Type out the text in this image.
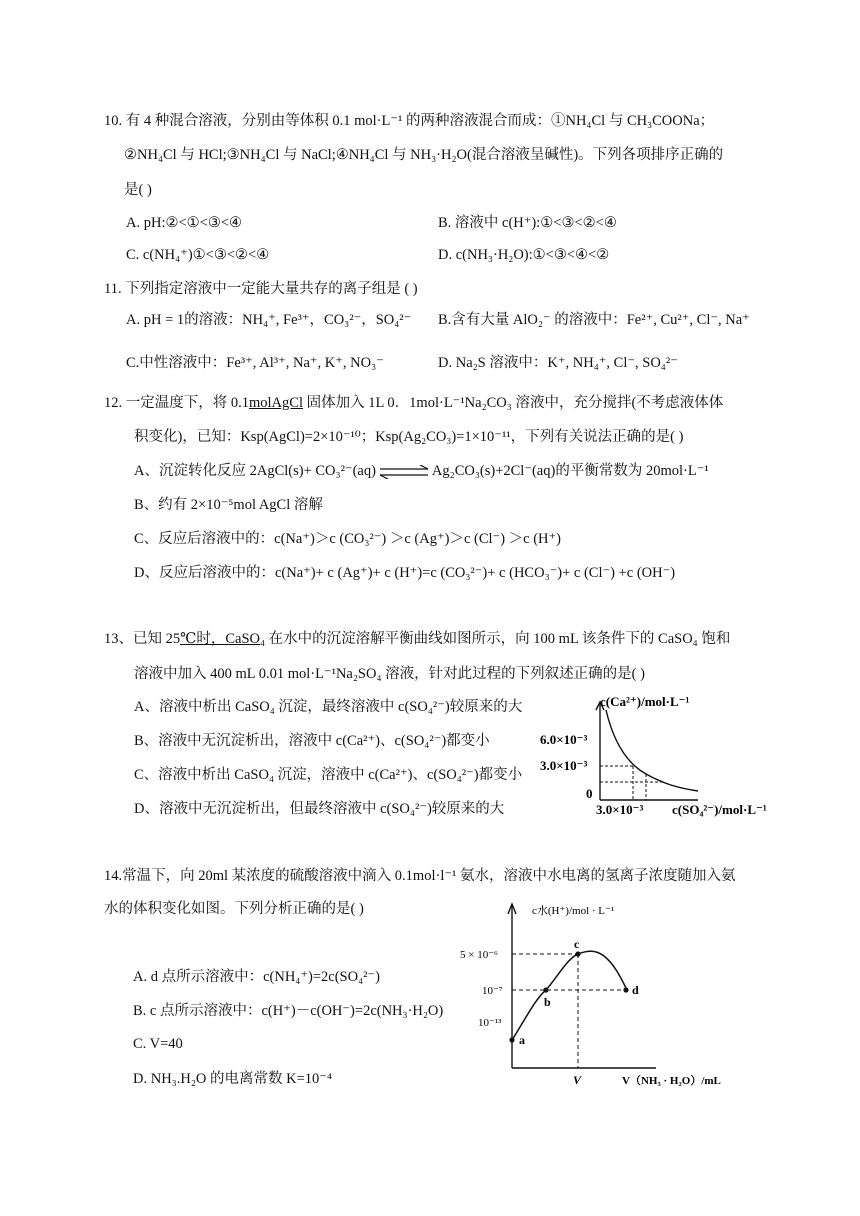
10. 有 4 种混合溶液，分别由等体积 0.1 mol·L⁻¹ 的两种溶液混合而成：①NH₄Cl 与 CH₃COONa；
②NH₄Cl 与 HCl;③NH₄Cl 与 NaCl;④NH₄Cl 与 NH₃·H₂O(混合溶液呈碱性)。下列各项排序正确的
是( )
A. pH:②<①<③<④	B. 溶液中 c(H⁺):①<③<②<④
C. c(NH₄⁺)①<③<②<④	D. c(NH₃·H₂O):①<③<④<②
11. 下列指定溶液中一定能大量共存的离子组是 ( )
A. pH = 1的溶液：NH₄⁺, Fe³⁺，CO₃²⁻，SO₄²⁻ B.含有大量 AlO₂⁻ 的溶液中：Fe²⁺, Cu²⁺, Cl⁻, Na⁺
C.中性溶液中：Fe³⁺, Al³⁺, Na⁺, K⁺, NO₃⁻	D. Na₂S 溶液中：K⁺, NH₄⁺, Cl⁻, SO₄²⁻
12. 一定温度下，将 0.1molAgCl 固体加入 1L 0．1mol·L⁻¹Na₂CO₃ 溶液中，充分搅拌(不考虑液体体
积变化)，已知：Ksp(AgCl)=2×10⁻¹⁰；Ksp(Ag₂CO₃)=1×10⁻¹¹，下列有关说法正确的是( )
A、沉淀转化反应 2AgCl(s)+ CO₃²⁻(aq) ⇌ Ag₂CO₃(s)+2Cl⁻(aq)的平衡常数为 20mol·L⁻¹
B、约有 2×10⁻⁵mol AgCl 溶解
C、反应后溶液中的：c(Na⁺)＞c (CO₃²⁻) ＞c (Ag⁺)＞c (Cl⁻) ＞c (H⁺)
D、反应后溶液中的：c(Na⁺)+ c (Ag⁺)+ c (H⁺)=c (CO₃²⁻)+ c (HCO₃⁻)+ c (Cl⁻) +c (OH⁻)
13、已知 25℃时，CaSO₄ 在水中的沉淀溶解平衡曲线如图所示，向 100 mL 该条件下的 CaSO₄ 饱和
溶液中加入 400 mL 0.01 mol·L⁻¹Na₂SO₄ 溶液，针对此过程的下列叙述正确的是( )
A、溶液中析出 CaSO₄ 沉淀，最终溶液中 c(SO₄²⁻)较原来的大
B、溶液中无沉淀析出，溶液中 c(Ca²⁺)、c(SO₄²⁻)都变小
C、溶液中析出 CaSO₄ 沉淀，溶液中 c(Ca²⁺)、c(SO₄²⁻)都变小
D、溶液中无沉淀析出，但最终溶液中 c(SO₄²⁻)较原来的大
c(Ca²⁺)/mol·L⁻¹
6.0×10⁻³
3.0×10⁻³
0
3.0×10⁻³ c(SO₄²⁻)/mol·L⁻¹
14.常温下，向 20ml 某浓度的硫酸溶液中滴入 0.1mol·l⁻¹ 氨水，溶液中水电离的氢离子浓度随加入氨
水的体积变化如图。下列分析正确的是( )
A. d 点所示溶液中：c(NH₄⁺)=2c(SO₄²⁻)
B. c 点所示溶液中：c(H⁺)－c(OH⁻)=2c(NH₃·H₂O)
C. V=40
D. NH₃.H₂O 的电离常数 K=10⁻⁴
c水(H⁺)/mol · L⁻¹
5 × 10⁻⁶
10⁻⁷
10⁻¹³
a
b
c
d
V	V（NH₃ · H₂O）/mL
